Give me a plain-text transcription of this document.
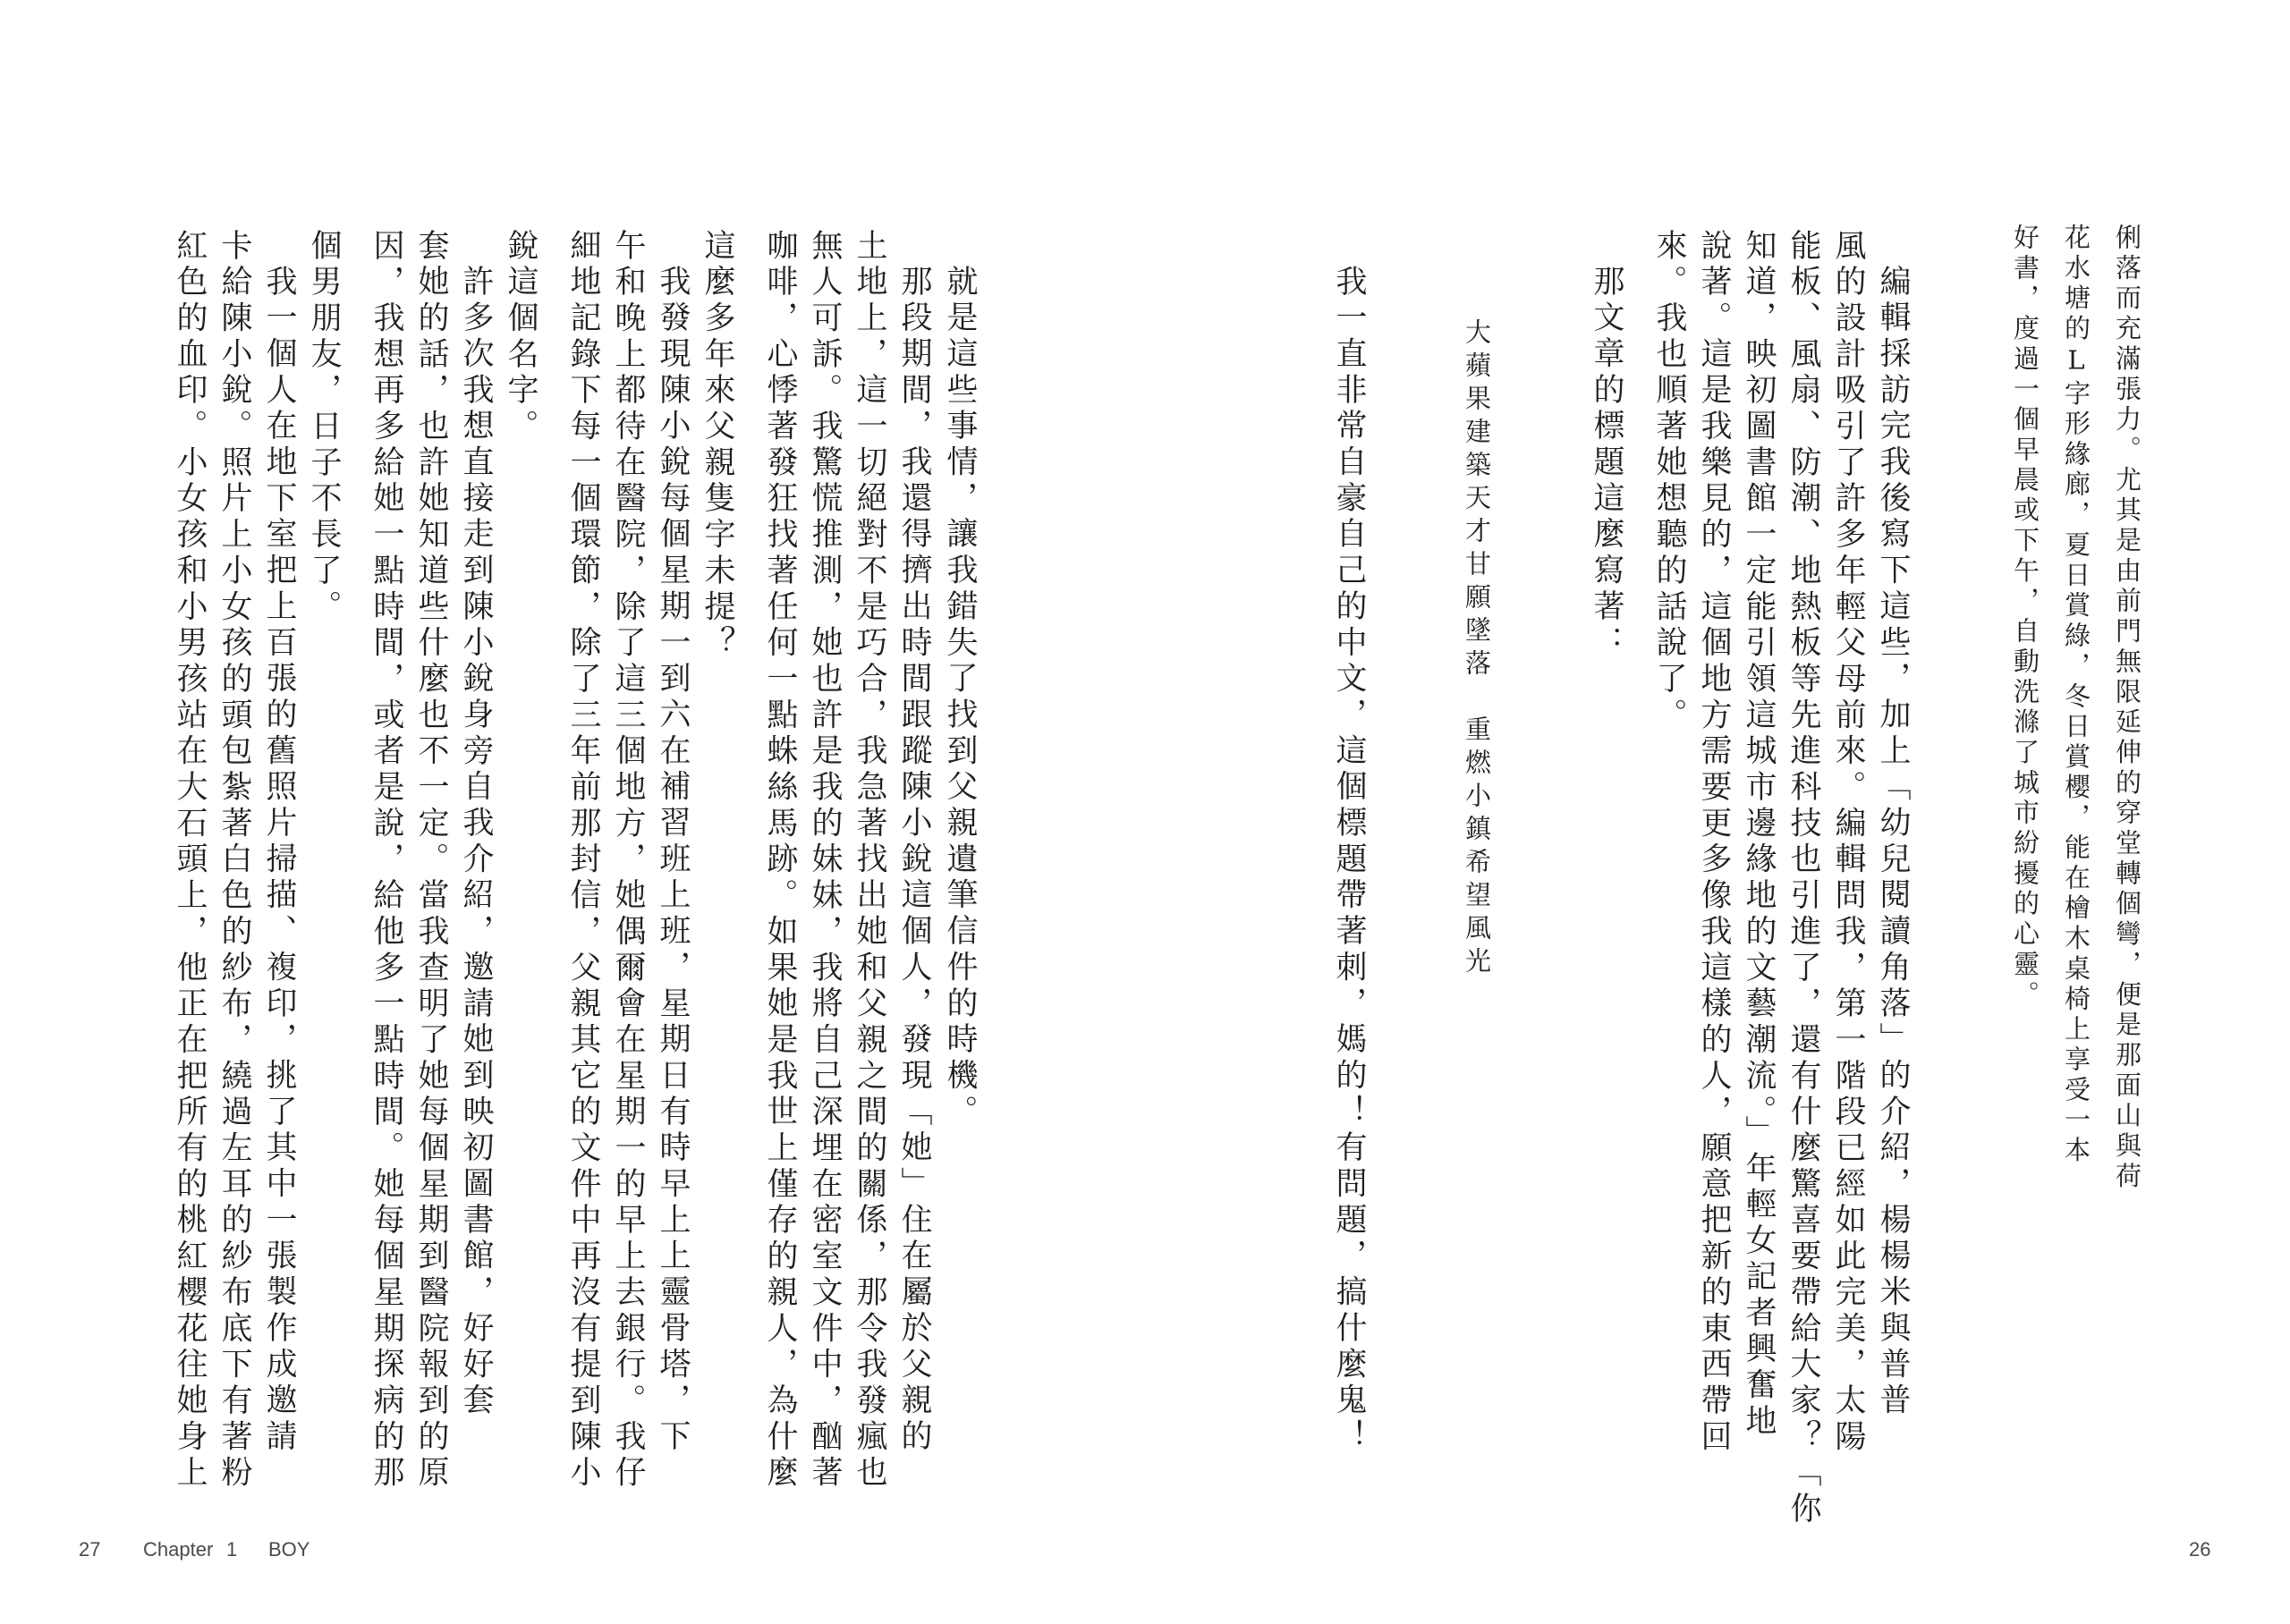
俐落而充滿張力。尤其是由前門無限延伸的穿堂轉個彎，便是那面山與荷
花水塘的L字形緣廊，夏日賞綠，冬日賞櫻，能在檜木桌椅上享受一本
好書，度過一個早晨或下午，自動洗滌了城市紛擾的心靈。
編輯採訪完我後寫下這些，加上「幼兒閱讀角落」的介紹，楊楊米與普普
風的設計吸引了許多年輕父母前來。編輯問我，第一階段已經如此完美，太陽
能板、風扇、防潮、地熱板等先進科技也引進了，還有什麼驚喜要帶給大家？「你
知道，映初圖書館一定能引領這城市邊緣地的文藝潮流。」年輕女記者興奮地
說著。這是我樂見的，這個地方需要更多像我這樣的人，願意把新的東西帶回
來。我也順著她想聽的話說了。
那文章的標題這麼寫著：
大蘋果建築天才甘願墜落　重燃小鎮希望風光
我一直非常自豪自己的中文，這個標題帶著刺，媽的！有問題，搞什麼鬼！
就是這些事情，讓我錯失了找到父親遺筆信件的時機。
那段期間，我還得擠出時間跟蹤陳小銳這個人，發現「她」住在屬於父親的
土地上，這一切絕對不是巧合，我急著找出她和父親之間的關係，那令我發瘋也
無人可訴。我驚慌推測，她也許是我的妹妹，我將自己深埋在密室文件中，酗著
咖啡，心悸著發狂找著任何一點蛛絲馬跡。如果她是我世上僅存的親人，為什麼
這麼多年來父親隻字未提？
我發現陳小銳每個星期一到六在補習班上班，星期日有時早上上靈骨塔，下
午和晚上都待在醫院，除了這三個地方，她偶爾會在星期一的早上去銀行。我仔
細地記錄下每一個環節，除了三年前那封信，父親其它的文件中再沒有提到陳小
銳這個名字。
許多次我想直接走到陳小銳身旁自我介紹，邀請她到映初圖書館，好好套
套她的話，也許她知道些什麼也不一定。當我查明了她每個星期到醫院報到的原
因，我想再多給她一點時間，或者是說，給他多一點時間。她每個星期探病的那
個男朋友，日子不長了。
我一個人在地下室把上百張的舊照片掃描、複印，挑了其中一張製作成邀請
卡給陳小銳。照片上小女孩的頭包紮著白色的紗布，繞過左耳的紗布底下有著粉
紅色的血印。小女孩和小男孩站在大石頭上，他正在把所有的桃紅櫻花往她身上
27 Chapter 1 BOY	26
